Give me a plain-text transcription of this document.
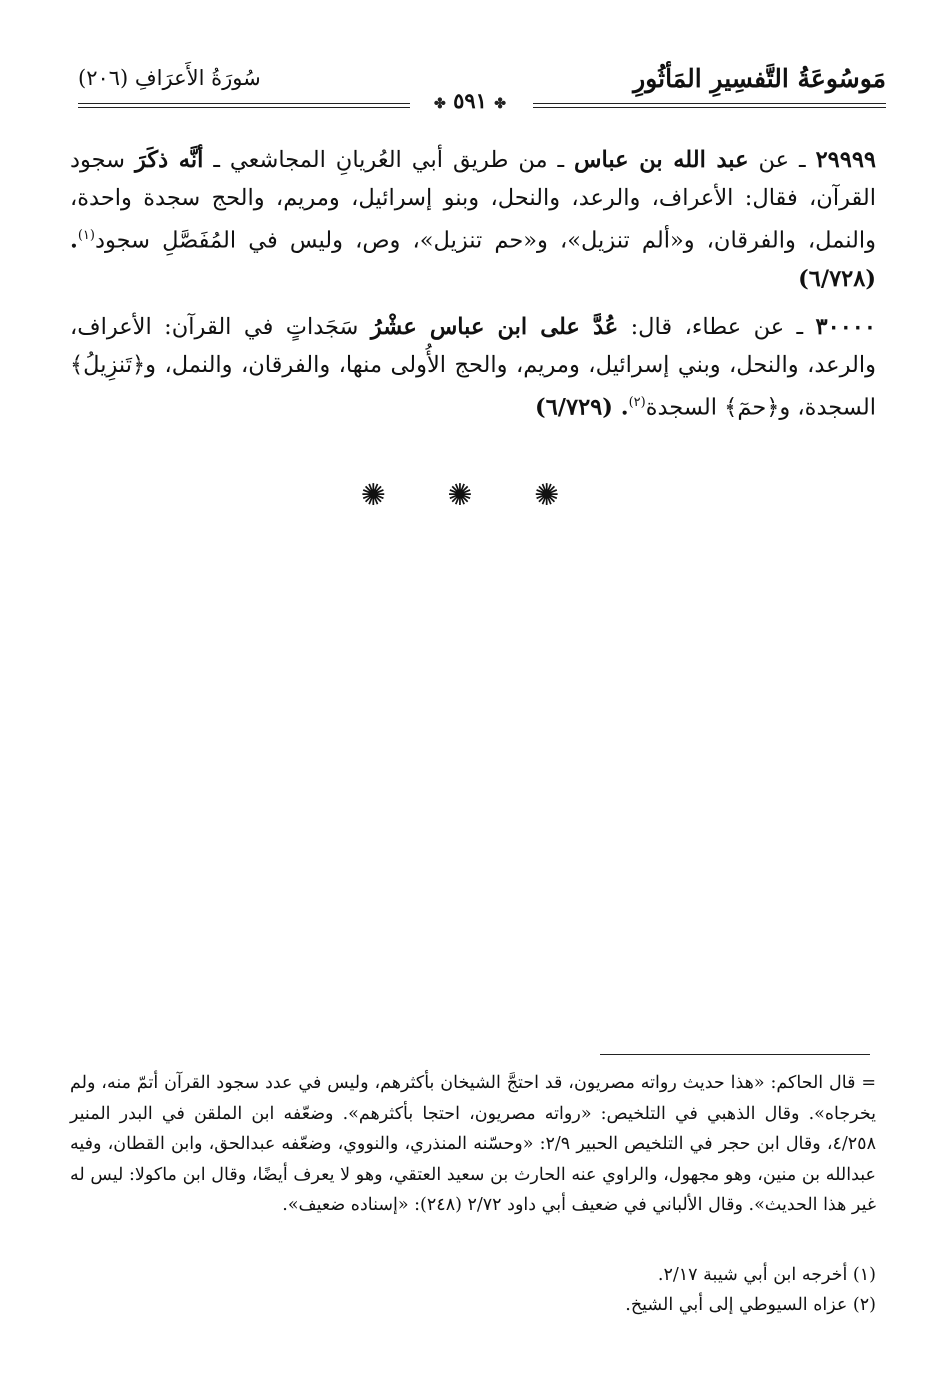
مَوسُوعَةُ التَّفسِيرِ المَأثُورِ
سُورَةُ الأَعرَافِ (٢٠٦)
✤ ٥٩١ ✤
٢٩٩٩٩ ـ عن عبد الله بن عباس ـ من طريق أبي العُريانِ المجاشعي ـ أنَّه ذكَرَ سجود القرآن، فقال: الأعراف، والرعد، والنحل، وبنو إسرائيل، ومريم، والحج سجدة واحدة، والنمل، والفرقان، و«ألم تنزيل»، و«حم تنزيل»، وص، وليس في المُفَصَّلِ سجود$^{(١)}$. (٦/٧٢٨)
٣٠٠٠٠ ـ عن عطاء، قال: عُدَّ على ابن عباس عشْرُ سَجَداتٍ في القرآن: الأعراف، والرعد، والنحل، وبني إسرائيل، ومريم، والحج الأُولى منها، والفرقان، والنمل، و﴿تَنزِيلُ﴾ السجدة، و﴿حمٓ﴾ السجدة$^{(٢)}$. (٦/٧٢٩)
✺ ✺ ✺
= قال الحاكم: «هذا حديث رواته مصريون، قد احتجَّ الشيخان بأكثرهم، وليس في عدد سجود القرآن أتمّ منه، ولم يخرجاه». وقال الذهبي في التلخيص: «رواته مصريون، احتجا بأكثرهم». وضعّفه ابن الملقن في البدر المنير ٤/٢٥٨، وقال ابن حجر في التلخيص الحبير ٢/٩: «وحسّنه المنذري، والنووي، وضعّفه عبدالحق، وابن القطان، وفيه عبدالله بن منين، وهو مجهول، والراوي عنه الحارث بن سعيد العتقي، وهو لا يعرف أيضًا، وقال ابن ماكولا: ليس له غير هذا الحديث». وقال الألباني في ضعيف أبي داود ٢/٧٢ (٢٤٨): «إسناده ضعيف».
(١) أخرجه ابن أبي شيبة ٢/١٧.
(٢) عزاه السيوطي إلى أبي الشيخ.
